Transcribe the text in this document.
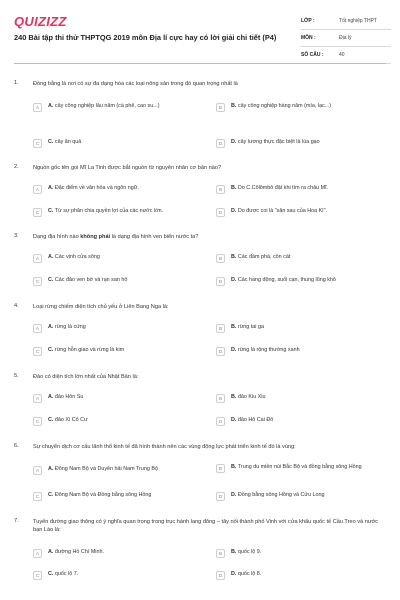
QUIZIZZ
240 Bài tập thi thử THPTQG 2019 môn Địa lí cực hay có lời giải chi tiết (P4)
LỚP :	Tốt nghiệp THPT
MÔN :	Địa lý
SỐ CÂU :	40
1.	Đồng bằng là nơi có sự đa dạng hóa các loại nông sản trong đó quan trọng nhất là
A	A. cây công nghiệp lâu năm (cà phê, cao su...)	B	B. cây công nghiệp hàng năm (mía, lạc...)
C	C. cây ăn quả	D	D. cây lương thực đặc biệt là lúa gạo
2.	Nguồn gốc tên gọi Mĩ La Tinh được bắt nguồn từ nguyên nhân cơ bản nào?
A	A. Đặc điểm về văn hóa và ngôn ngữ.	B	B. Do C.Côlômbô đặt khi tìm ra châu Mĩ.
C	C. Từ sự phân chia quyền lợi của các nước lớn.	D	D. Do được coi là "sân sau của Hoa Kì".
3.	Dạng địa hình nào không phải là dạng địa hình ven biển nước ta?
A	A. Các vịnh cửa sông	B	B. Các đầm phá, cồn cát
C	C. Các đảo ven bờ và rạn san hô	D	D. Các hang động, suối cạn, thung lũng khô
4.	Loại rừng chiếm diện tích chủ yếu ở Liên Bang Nga là:
A	A. rừng lá cứng	B	B. rừng tai ga
C	C. rừng hỗn giao và rừng lá kim	D	D. rừng lá rộng thường xanh
5.	Đảo có diện tích lớn nhất của Nhật Bản là:
A	A. đảo Hôn Su	B	B. đảo Kiu Xiu
C	C. đảo Xi Cô Cư	D	D. đảo Hô Cai Đô
6.	Sự chuyển dịch cơ cấu lãnh thổ kinh tế đã hình thành nên các vùng động lực phát triển kinh tế đó là vùng:
A	A. Đông Nam Bộ và Duyên hải Nam Trung Bộ	B	B. Trung du miền núi Bắc Bộ và đồng bằng sông Hồng
C	C. Đông Nam Bộ và Đồng bằng sông Hồng	D	D. Đồng bằng sông Hồng và Cửu Long
7.	Tuyến đường giao thông có ý nghĩa quan trọng trong trục hành lang đông – tây nối thành phố Vinh với cửa khẩu quốc tế Cầu Treo và nước bạn Lào là:
A	A. đường Hồ Chí Minh.	B	B. quốc lộ 9.
C	C. quốc lộ 7.	D	D. quốc lộ 8.
